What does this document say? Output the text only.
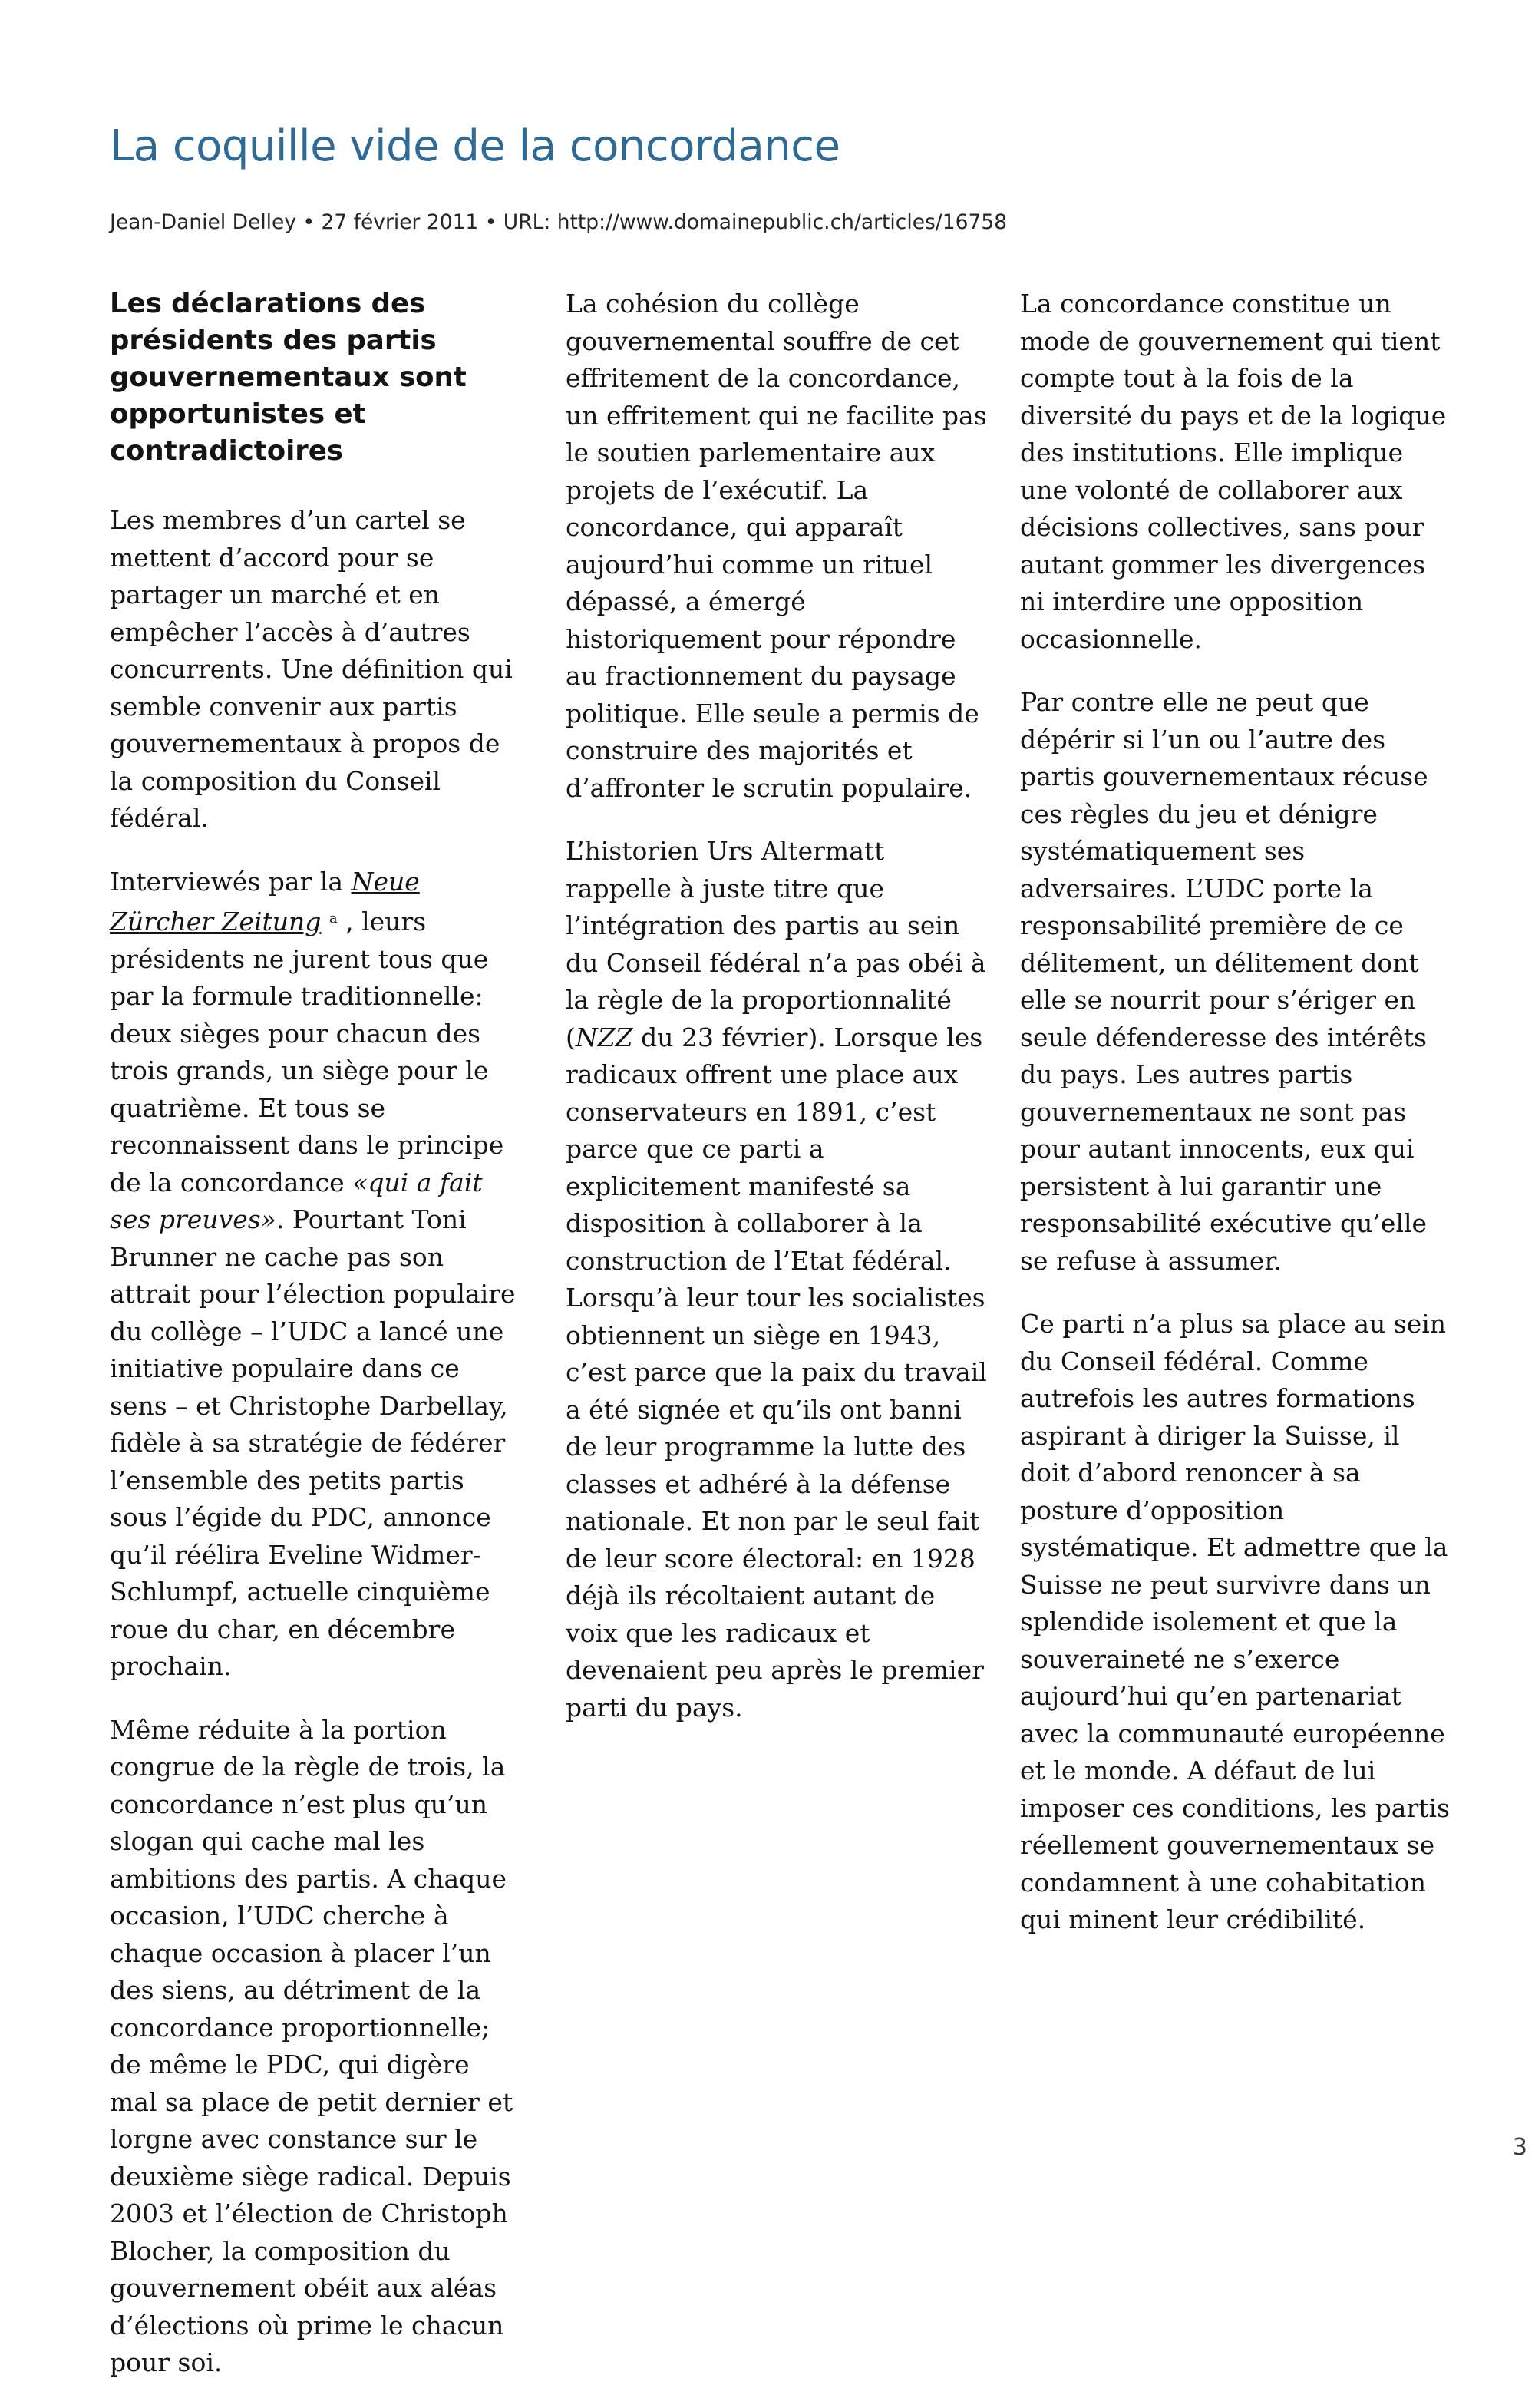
La coquille vide de la concordance
Jean-Daniel Delley • 27 février 2011 • URL: http://www.domainepublic.ch/articles/16758
Les déclarations des présidents des partis gouvernementaux sont opportunistes et contradictoires

Les membres d’un cartel se mettent d’accord pour se partager un marché et en empêcher l’accès à d’autres concurrents. Une définition qui semble convenir aux partis gouvernementaux à propos de la composition du Conseil fédéral.

Interviewés par la Neue Zürcher Zeitung $^a$ , leurs présidents ne jurent tous que par la formule traditionnelle: deux sièges pour chacun des trois grands, un siège pour le quatrième. Et tous se reconnaissent dans le principe de la concordance «qui a fait ses preuves». Pourtant Toni Brunner ne cache pas son attrait pour l’élection populaire du collège – l’UDC a lancé une initiative populaire dans ce sens – et Christophe Darbellay, fidèle à sa stratégie de fédérer l’ensemble des petits partis sous l’égide du PDC, annonce qu’il réélira Eveline Widmer-Schlumpf, actuelle cinquième roue du char, en décembre prochain.

Même réduite à la portion congrue de la règle de trois, la concordance n’est plus qu’un slogan qui cache mal les ambitions des partis. A chaque occasion, l’UDC cherche à chaque occasion à placer l’un des siens, au détriment de la concordance proportionnelle; de même le PDC, qui digère mal sa place de petit dernier et lorgne avec constance sur le deuxième siège radical. Depuis 2003 et l’élection de Christoph Blocher, la composition du gouvernement obéit aux aléas d’élections où prime le chacun pour soi.

La cohésion du collège gouvernemental souffre de cet effritement de la concordance, un effritement qui ne facilite pas le soutien parlementaire aux projets de l’exécutif. La concordance, qui apparaît aujourd’hui comme un rituel dépassé, a émergé historiquement pour répondre au fractionnement du paysage politique. Elle seule a permis de construire des majorités et d’affronter le scrutin populaire.

L’historien Urs Altermatt rappelle à juste titre que l’intégration des partis au sein du Conseil fédéral n’a pas obéi à la règle de la proportionnalité (NZZ du 23 février). Lorsque les radicaux offrent une place aux conservateurs en 1891, c’est parce que ce parti a explicitement manifesté sa disposition à collaborer à la construction de l’Etat fédéral. Lorsqu’à leur tour les socialistes obtiennent un siège en 1943, c’est parce que la paix du travail a été signée et qu’ils ont banni de leur programme la lutte des classes et adhéré à la défense nationale. Et non par le seul fait de leur score électoral: en 1928 déjà ils récoltaient autant de voix que les radicaux et devenaient peu après le premier parti du pays.

La concordance constitue un mode de gouvernement qui tient compte tout à la fois de la diversité du pays et de la logique des institutions. Elle implique une volonté de collaborer aux décisions collectives, sans pour autant gommer les divergences ni interdire une opposition occasionnelle.

Par contre elle ne peut que dépérir si l’un ou l’autre des partis gouvernementaux récuse ces règles du jeu et dénigre systématiquement ses adversaires. L’UDC porte la responsabilité première de ce délitement, un délitement dont elle se nourrit pour s’ériger en seule défenderesse des intérêts du pays. Les autres partis gouvernementaux ne sont pas pour autant innocents, eux qui persistent à lui garantir une responsabilité exécutive qu’elle se refuse à assumer.

Ce parti n’a plus sa place au sein du Conseil fédéral. Comme autrefois les autres formations aspirant à diriger la Suisse, il doit d’abord renoncer à sa posture d’opposition systématique. Et admettre que la Suisse ne peut survivre dans un splendide isolement et que la souveraineté ne s’exerce aujourd’hui qu’en partenariat avec la communauté européenne et le monde. A défaut de lui imposer ces conditions, les partis réellement gouvernementaux se condamnent à une cohabitation qui minent leur crédibilité.

3
